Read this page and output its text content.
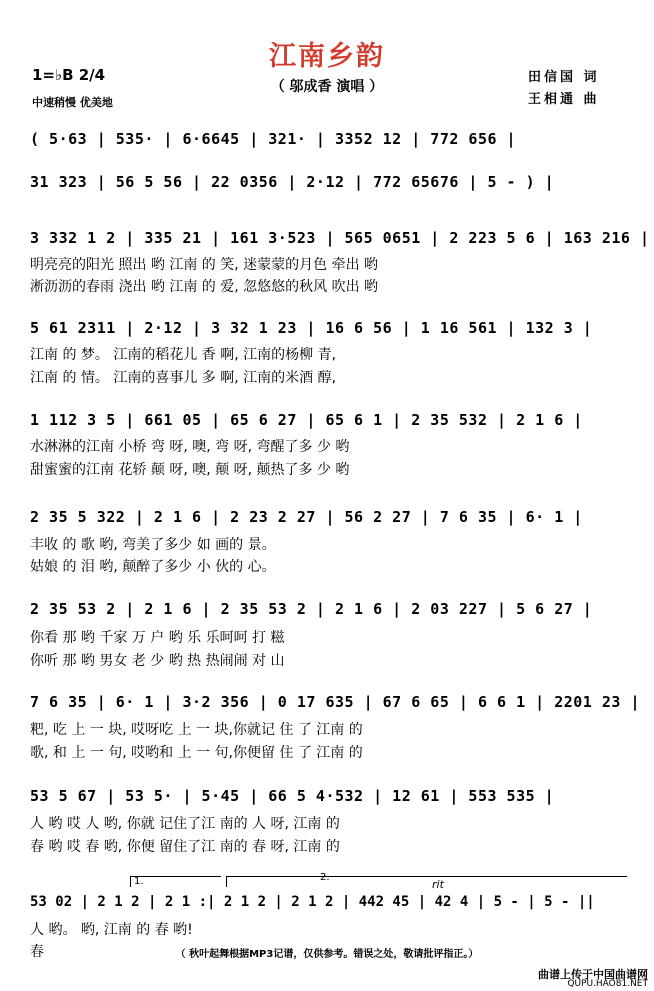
江南乡韵
（ 邬成香 演唱 ）
1=♭B 2/4
中速稍慢 优美地
田信国 词
王相通 曲
( 5·63 | 535· | 6·6645 | 321· | 3352 12 | 772 656 |
31 323 | 56 5 56 | 22 0356 | 2·12 | 772 65676 | 5 - ) |
3 332 1 2 | 335 21 | 161 3·523 | 565 0651 | 2 223 5 6 | 163 216 |
明亮亮的阳光 照出 哟 江南 的 笑, 迷蒙蒙的月色 牵出 哟
淅沥沥的春雨 浇出 哟 江南 的 爱, 忽悠悠的秋风 吹出 哟
5 61 2311 | 2·12 | 3 32 1 23 | 16 6 56 | 1 16 561 | 132 3 |
江南 的 梦。 江南的稻花儿 香 啊, 江南的杨柳 青,
江南 的 情。 江南的喜事儿 多 啊, 江南的米酒 醇,
1 112 3 5 | 661 05 | 65 6 27 | 65 6 1 | 2 35 532 | 2 1 6 |
水淋淋的江南 小桥 弯 呀, 噢, 弯 呀, 弯醒了多 少 哟
甜蜜蜜的江南 花轿 颠 呀, 噢, 颠 呀, 颠热了多 少 哟
2 35 5 322 | 2 1 6 | 2 23 2 27 | 56 2 27 | 7 6 35 | 6· 1 |
丰收 的 歌 哟, 弯美了多少 如 画的 景。
姑娘 的 泪 哟, 颠醉了多少 小 伙的 心。
2 35 53 2 | 2 1 6 | 2 35 53 2 | 2 1 6 | 2 03 227 | 5 6 27 |
你看 那 哟 千家 万 户 哟 乐 乐呵呵 打 糍
你听 那 哟 男女 老 少 哟 热 热闹闹 对 山
7 6 35 | 6· 1 | 3·2 356 | 0 17 635 | 67 6 65 | 6 6 1 | 2201 23 |
粑, 吃 上 一 块, 哎呀吃 上 一 块,你就记 住 了 江南 的
歌, 和 上 一 句, 哎哟和 上 一 句,你便留 住 了 江南 的
53 5 67 | 53 5· | 5·45 | 66 5 4·532 | 12 61 | 553 535 |
人 哟 哎 人 哟, 你就 记住了江 南的 人 呀, 江南 的
春 哟 哎 春 哟, 你便 留住了江 南的 春 呀, 江南 的
1.	2.
rit
53 02 | 2 1 2 | 2 1 :| 2 1 2 | 2 1 2 | 442 45 | 42 4 | 5 - | 5 - ||
人 哟。 哟, 江南 的 春 哟!
春	（ 秋叶起舞根据MP3记谱，仅供参考。错误之处，敬请批评指正。）
曲谱上传于中国曲谱网
QUPU.HAO81.NET
